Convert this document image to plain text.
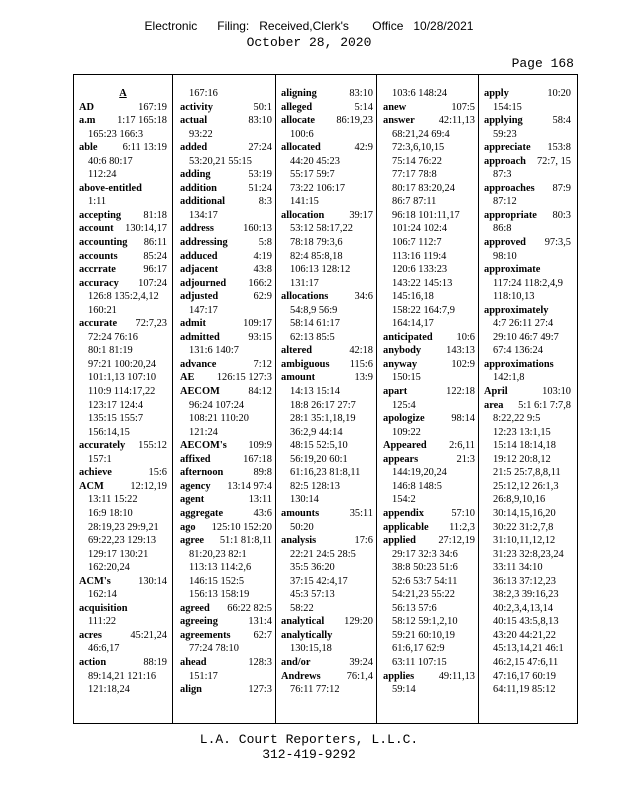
Electronic      Filing:   Received,Clerk's       Office   10/28/2021
October 28, 2020
Page 168
A
AD	167:19
a.m 1:17 165:18
165:23 166:3
able 6:11 13:19
40:6 80:17
112:24
above-entitled
1:11
accepting 81:18
account 130:14,17
accounting 86:11
accounts 85:24
accrrate	96:17
accuracy 107:24
126:8 135:2,4,12
160:21
accurate 72:7,23
72:24 76:16
80:1 81:19
97:21 100:20,24
101:1,13 107:10
110:9 114:17,22
123:17 124:4
135:15 155:7
156:14,15
accurately 155:12
157:1
achieve	15:6
ACM	12:12,19
13:11 15:22
16:9 18:10
28:19,23 29:9,21
69:22,23 129:13
129:17 130:21
162:20,24
ACM's	130:14
162:14
acquisition
111:22
acres	45:21,24
46:6,17
action	88:19
89:14,21 121:16
121:18,24
167:16
activity	50:1
actual	83:10
93:22
added	27:24
53:20,21 55:15
adding	53:19
addition	51:24
additional	8:3
134:17
address	160:13
addressing	5:8
adduced	4:19
adjacent	43:8
adjourned 166:2
adjusted	62:9
147:17
admit	109:17
admitted	93:15
131:6 140:7
advance	7:12
AE 126:15 127:3
AECOM	84:12
96:24 107:24
108:21 110:20
121:24
AECOM's 109:9
affixed	167:18
afternoon	89:8
agency 13:14 97:4
agent	13:11
aggregate	43:6
ago 125:10 152:20
agree 51:1 81:8,11
81:20,23 82:1
113:13 114:2,6
146:15 152:5
156:13 158:19
agreed 66:22 82:5
agreeing	131:4
agreements 62:7
77:24 78:10
ahead	128:3
151:17
align	127:3
aligning	83:10
alleged	5:14
allocate 86:19,23
100:6
allocated	42:9
44:20 45:23
55:17 59:7
73:22 106:17
141:15
allocation 39:17
53:12 58:17,22
78:18 79:3,6
82:4 85:8,18
106:13 128:12
131:17
allocations	34:6
54:8,9 56:9
58:14 61:17
62:13 85:5
altered	42:18
ambiguous 115:6
amount	13:9
14:13 15:14
18:8 26:17 27:7
28:1 35:1,18,19
36:2,9 44:14
48:15 52:5,10
56:19,20 60:1
61:16,23 81:8,11
82:5 128:13
130:14
amounts	35:11
50:20
analysis	17:6
22:21 24:5 28:5
35:5 36:20
37:15 42:4,17
45:3 57:13
58:22
analytical 129:20
analytically
130:15,18
and/or	39:24
Andrews	76:1,4
76:11 77:12
103:6 148:24
anew	107:5
answer 42:11,13
68:21,24 69:4
72:3,6,10,15
75:14 76:22
77:17 78:8
80:17 83:20,24
86:7 87:11
96:18 101:11,17
101:24 102:4
106:7 112:7
113:16 119:4
120:6 133:23
143:22 145:13
145:16,18
158:22 164:7,9
164:14,17
anticipated 10:6
anybody 143:13
anyway	102:9
150:15
apart	122:18
125:4
apologize	98:14
109:22
Appeared 2:6,11
appears	21:3
144:19,20,24
146:8 148:5
154:2
appendix	57:10
applicable 11:2,3
applied 27:12,19
29:17 32:3 34:6
38:8 50:23 51:6
52:6 53:7 54:11
54:21,23 55:22
56:13 57:6
58:12 59:1,2,10
59:21 60:10,19
61:6,17 62:9
63:11 107:15
applies 49:11,13
59:14
apply	10:20
154:15
applying	58:4
59:23
appreciate 153:8
approach 72:7, 15
87:3
approaches 87:9
87:12
appropriate 80:3
86:8
approved 97:3,5
98:10
approximate
117:24 118:2,4,9
118:10,13
approximately
4:7 26:11 27:4
29:10 46:7 49:7
67:4 136:24
approximations
142:1,8
April	103:10
area 5:1 6:1 7:7,8
8:22,22 9:5
12:23 13:1,15
15:14 18:14,18
19:12 20:8,12
21:5 25:7,8,8,11
25:12,12 26:1,3
26:8,9,10,16
30:14,15,16,20
30:22 31:2,7,8
31:10,11,12,12
31:23 32:8,23,24
33:11 34:10
36:13 37:12,23
38:2,3 39:16,23
40:2,3,4,13,14
40:15 43:5,8,13
43:20 44:21,22
45:13,14,21 46:1
46:2,15 47:6,11
47:16,17 60:19
64:11,19 85:12
L.A. Court Reporters, L.L.C.
312-419-9292
